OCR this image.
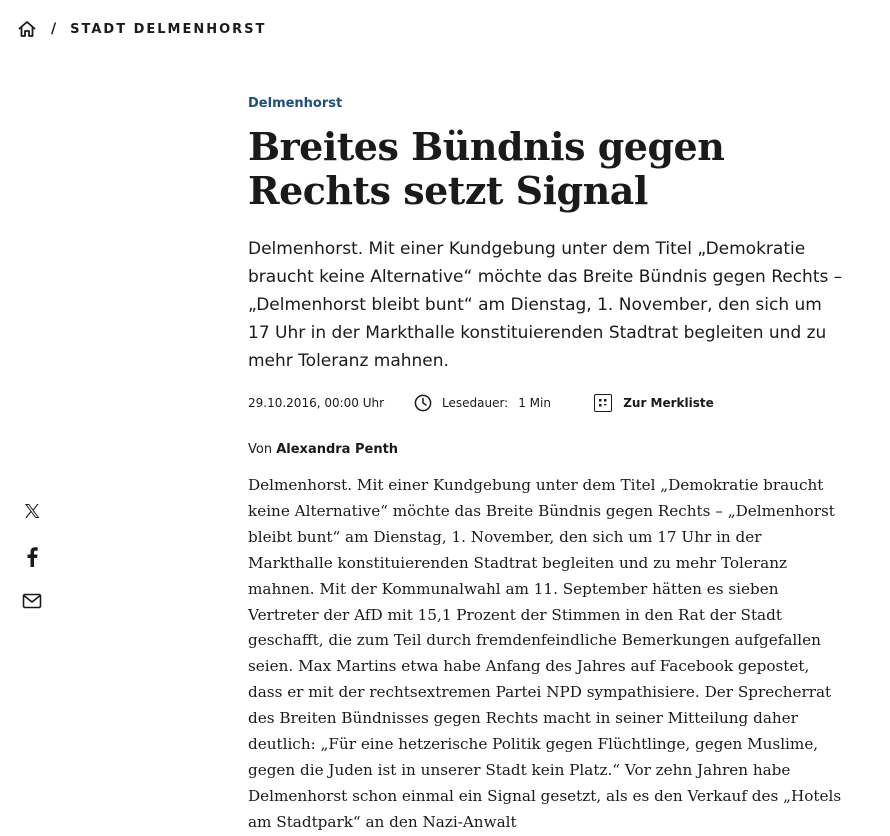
/ STADT DELMENHORST
Delmenhorst
Breites Bündnis gegen
Rechts setzt Signal
Delmenhorst. Mit einer Kundgebung unter dem Titel „Demokratie braucht keine Alternative“ möchte das Breite Bündnis gegen Rechts – „Delmenhorst bleibt bunt“ am Dienstag, 1. November, den sich um 17 Uhr in der Markthalle konstituierenden Stadtrat begleiten und zu mehr Toleranz mahnen.
29.10.2016, 00:00 Uhr	Lesedauer: 1 Min	Zur Merkliste
Von Alexandra Penth
Delmenhorst. Mit einer Kundgebung unter dem Titel „Demokratie braucht keine Alternative“ möchte das Breite Bündnis gegen Rechts – „Delmenhorst bleibt bunt“ am Dienstag, 1. November, den sich um 17 Uhr in der Markthalle konstituierenden Stadtrat begleiten und zu mehr Toleranz mahnen. Mit der Kommunalwahl am 11. September hätten es sieben Vertreter der AfD mit 15,1 Prozent der Stimmen in den Rat der Stadt geschafft, die zum Teil durch fremdenfeindliche Bemerkungen aufgefallen seien. Max Martins etwa habe Anfang des Jahres auf Facebook gepostet, dass er mit der rechtsextremen Partei NPD sympathisiere. Der Sprecherrat des Breiten Bündnisses gegen Rechts macht in seiner Mitteilung daher deutlich: „Für eine hetzerische Politik gegen Flüchtlinge, gegen Muslime, gegen die Juden ist in unserer Stadt kein Platz.“ Vor zehn Jahren habe Delmenhorst schon einmal ein Signal gesetzt, als es den Verkauf des „Hotels am Stadtpark“ an den Nazi-Anwalt
